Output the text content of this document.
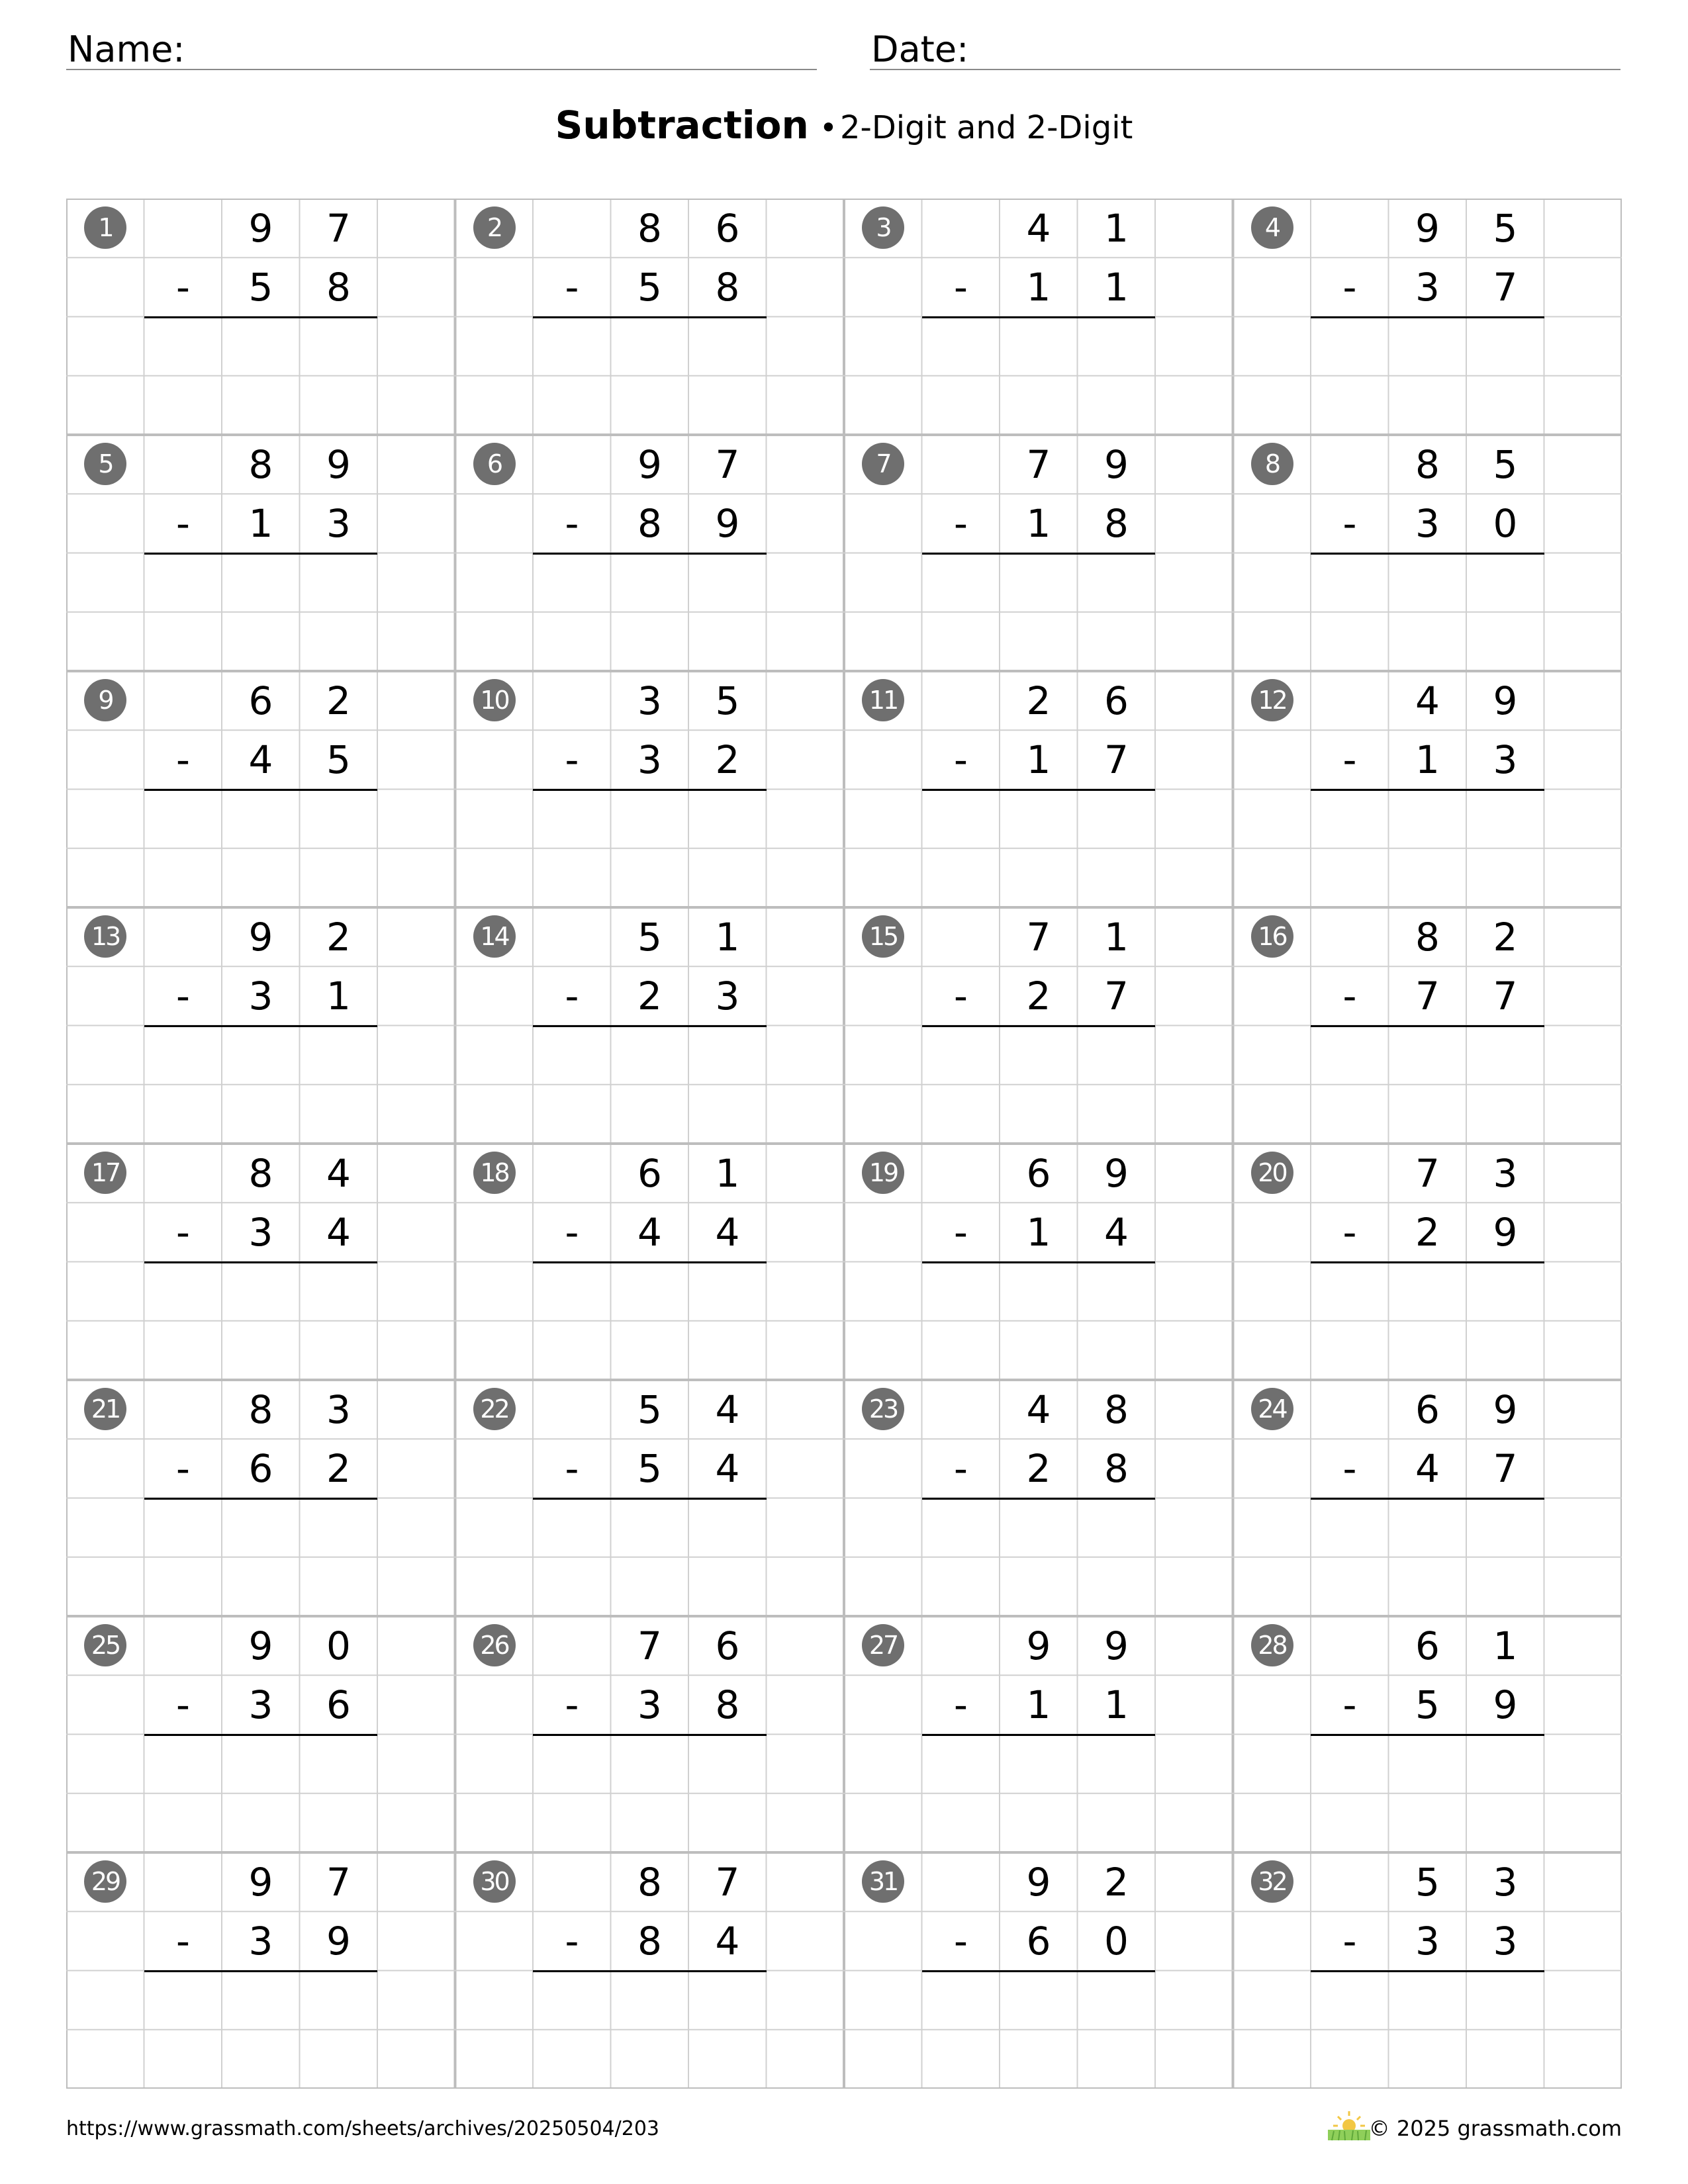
Name:	Date:
Subtraction •2-Digit and 2-Digit
1	9	7
-	5	8
2	8	6
-	5	8
3	4	1
-	1	1
4	9	5
-	3	7
5	8	9
-	1	3
6	9	7
-	8	9
7	7	9
-	1	8
8	8	5
-	3	0
9	6	2
-	4	5
10	3	5
-	3	2
11	2	6
-	1	7
12	4	9
-	1	3
13	9	2
-	3	1
14	5	1
-	2	3
15	7	1
-	2	7
16	8	2
-	7	7
17	8	4
-	3	4
18	6	1
-	4	4
19	6	9
-	1	4
20	7	3
-	2	9
21	8	3
-	6	2
22	5	4
-	5	4
23	4	8
-	2	8
24	6	9
-	4	7
25	9	0
-	3	6
26	7	6
-	3	8
27	9	9
-	1	1
28	6	1
-	5	9
29	9	7
-	3	9
30	8	7
-	8	4
31	9	2
-	6	0
32	5	3
-	3	3
https://www.grassmath.com/sheets/archives/20250504/203	© 2025 grassmath.com
